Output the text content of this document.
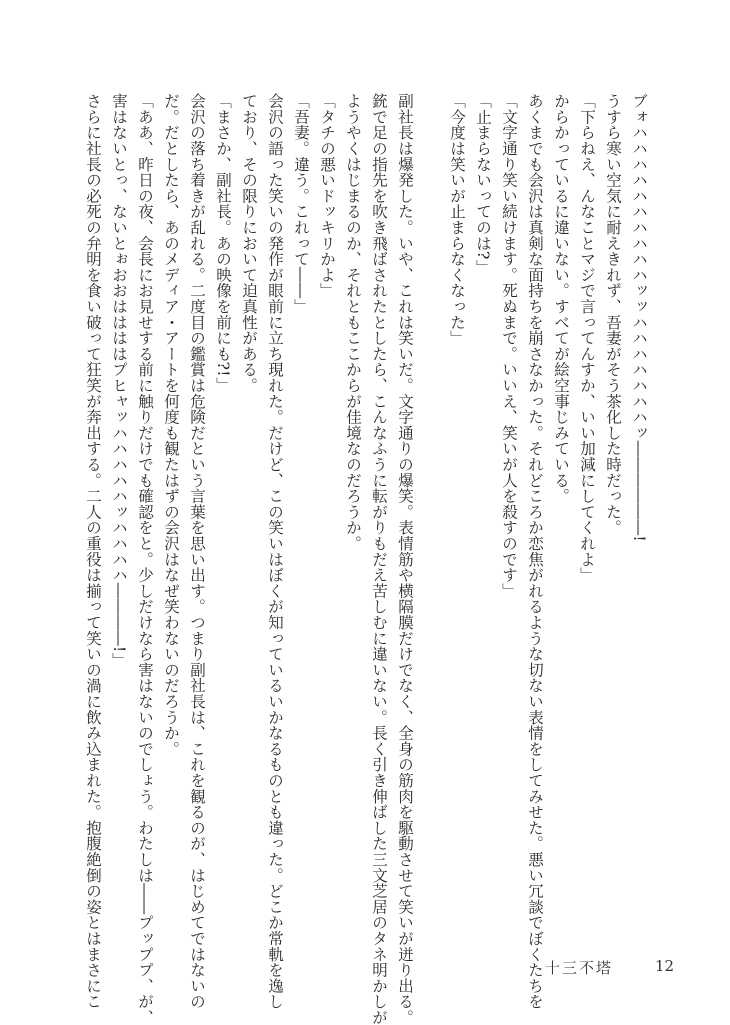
ブォハハハハハハハハハハッッハハハハハハハッ――――――!
うすら寒い空気に耐えきれず、吾妻がそう茶化した時だった。
「下らねえ、んなことマジで言ってんすか、いい加減にしてくれよ」
からかっているに違いない。すべてが絵空事じみている。
あくまでも会沢は真剣な面持ちを崩さなかった。それどころか恋焦がれるような切ない表情をしてみせた。悪い冗談でぼくたちを
「文字通り笑い続けます。死ぬまで。いいえ、笑いが人を殺すのです」
「止まらないってのは?」
「今度は笑いが止まらなくなった」

副社長は爆発した。いや、これは笑いだ。文字通りの爆笑。表情筋や横隔膜だけでなく、全身の筋肉を駆動させて笑いが迸り出る。
銃で足の指先を吹き飛ばされたとしたら、こんなふうに転がりもだえ苦しむに違いない。長く引き伸ばした三文芝居のタネ明かしが
ようやくはじまるのか、それともここからが佳境なのだろうか。
「タチの悪いドッキリかよ」
「吾妻。違う。これって――」
会沢の語った笑いの発作が眼前に立ち現れた。だけど、この笑いはぼくが知っているいかなるものとも違った。どこか常軌を逸し
ており、その限りにおいて迫真性がある。
「まさか、副社長。あの映像を前にも?!」
会沢の落ち着きが乱れる。二度目の鑑賞は危険だという言葉を思い出す。つまり副社長は、これを観るのが、はじめてではないの
だ。だとしたら、あのメディア・アートを何度も観たはずの会沢はなぜ笑わないのだろうか。
「ああ、昨日の夜、会長にお見せする前に触りだけでも確認をと。少しだけなら害はないのでしょう。わたしは――プッププ、が、
害はないとっ、ないとぉおおははははプヒャッハハハハハッハハハハ――――!」
さらに社長の必死の弁明を食い破って狂笑が奔出する。二人の重役は揃って笑いの渦に飲み込まれた。抱腹絶倒の姿とはまさにこ	十三不塔	12
